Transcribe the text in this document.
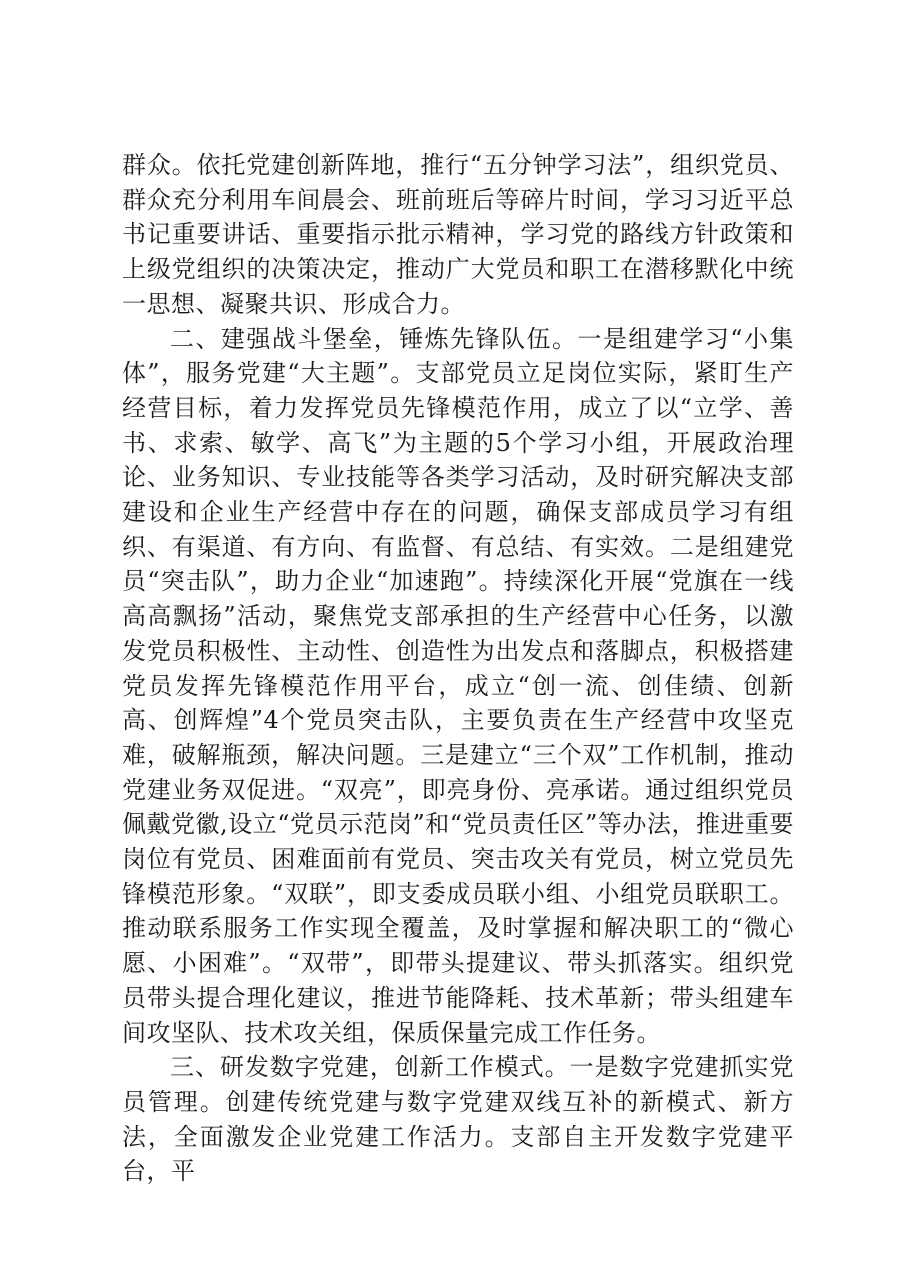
群众。依托党建创新阵地，推行“五分钟学习法”，组织党员、群众充分利用车间晨会、班前班后等碎片时间，学习习近平总书记重要讲话、重要指示批示精神，学习党的路线方针政策和上级党组织的决策决定，推动广大党员和职工在潜移默化中统一思想、凝聚共识、形成合力。

二、建强战斗堡垒，锤炼先锋队伍。一是组建学习“小集体”，服务党建“大主题”。支部党员立足岗位实际，紧盯生产经营目标，着力发挥党员先锋模范作用，成立了以“立学、善书、求索、敏学、高飞”为主题的5个学习小组，开展政治理论、业务知识、专业技能等各类学习活动，及时研究解决支部建设和企业生产经营中存在的问题，确保支部成员学习有组织、有渠道、有方向、有监督、有总结、有实效。二是组建党员“突击队”，助力企业“加速跑”。持续深化开展“党旗在一线高高飘扬”活动，聚焦党支部承担的生产经营中心任务，以激发党员积极性、主动性、创造性为出发点和落脚点，积极搭建党员发挥先锋模范作用平台，成立“创一流、创佳绩、创新高、创辉煌”4个党员突击队，主要负责在生产经营中攻坚克难，破解瓶颈，解决问题。三是建立“三个双”工作机制，推动党建业务双促进。“双亮”，即亮身份、亮承诺。通过组织党员佩戴党徽,设立“党员示范岗”和“党员责任区”等办法，推进重要岗位有党员、困难面前有党员、突击攻关有党员，树立党员先锋模范形象。“双联”，即支委成员联小组、小组党员联职工。推动联系服务工作实现全覆盖，及时掌握和解决职工的“微心愿、小困难”。“双带”，即带头提建议、带头抓落实。组织党员带头提合理化建议，推进节能降耗、技术革新；带头组建车间攻坚队、技术攻关组，保质保量完成工作任务。

三、研发数字党建，创新工作模式。一是数字党建抓实党员管理。创建传统党建与数字党建双线互补的新模式、新方法，全面激发企业党建工作活力。支部自主开发数字党建平台，平
